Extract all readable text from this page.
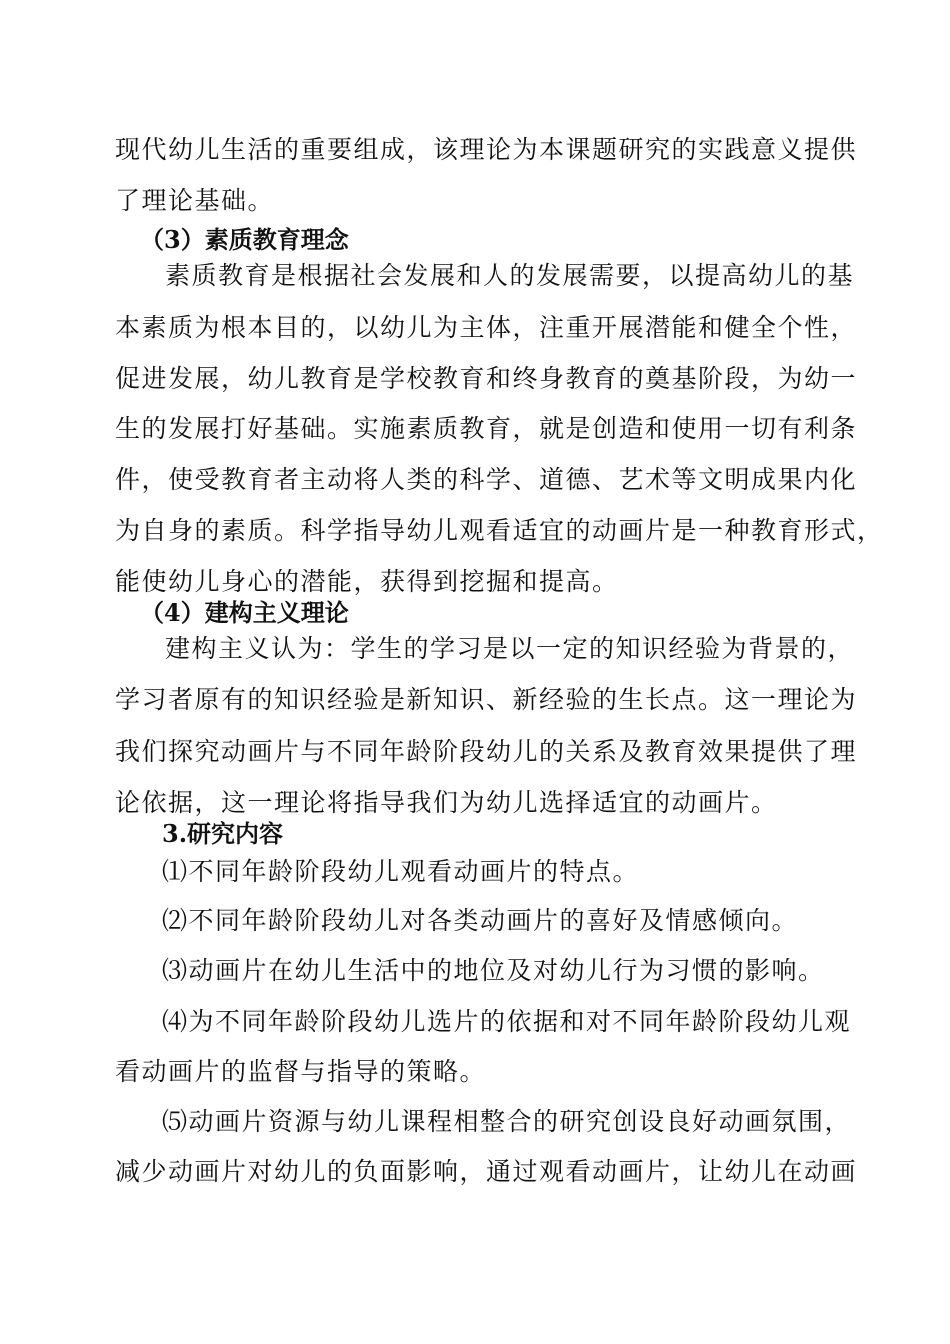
现代幼儿生活的重要组成，该理论为本课题研究的实践意义提供

了理论基础。

（3）素质教育理念

素质教育是根据社会发展和人的发展需要，以提高幼儿的基

本素质为根本目的，以幼儿为主体，注重开展潜能和健全个性，

促进发展，幼儿教育是学校教育和终身教育的奠基阶段，为幼一

生的发展打好基础。实施素质教育，就是创造和使用一切有利条

件，使受教育者主动将人类的科学、道德、艺术等文明成果内化

为自身的素质。科学指导幼儿观看适宜的动画片是一种教育形式，

能使幼儿身心的潜能，获得到挖掘和提高。

（4）建构主义理论

建构主义认为：学生的学习是以一定的知识经验为背景的，

学习者原有的知识经验是新知识、新经验的生长点。这一理论为

我们探究动画片与不同年龄阶段幼儿的关系及教育效果提供了理

论依据，这一理论将指导我们为幼儿选择适宜的动画片。

3.研究内容

⑴不同年龄阶段幼儿观看动画片的特点。

⑵不同年龄阶段幼儿对各类动画片的喜好及情感倾向。

⑶动画片在幼儿生活中的地位及对幼儿行为习惯的影响。

⑷为不同年龄阶段幼儿选片的依据和对不同年龄阶段幼儿观

看动画片的监督与指导的策略。

⑸动画片资源与幼儿课程相整合的研究创设良好动画氛围，

减少动画片对幼儿的负面影响，通过观看动画片，让幼儿在动画
